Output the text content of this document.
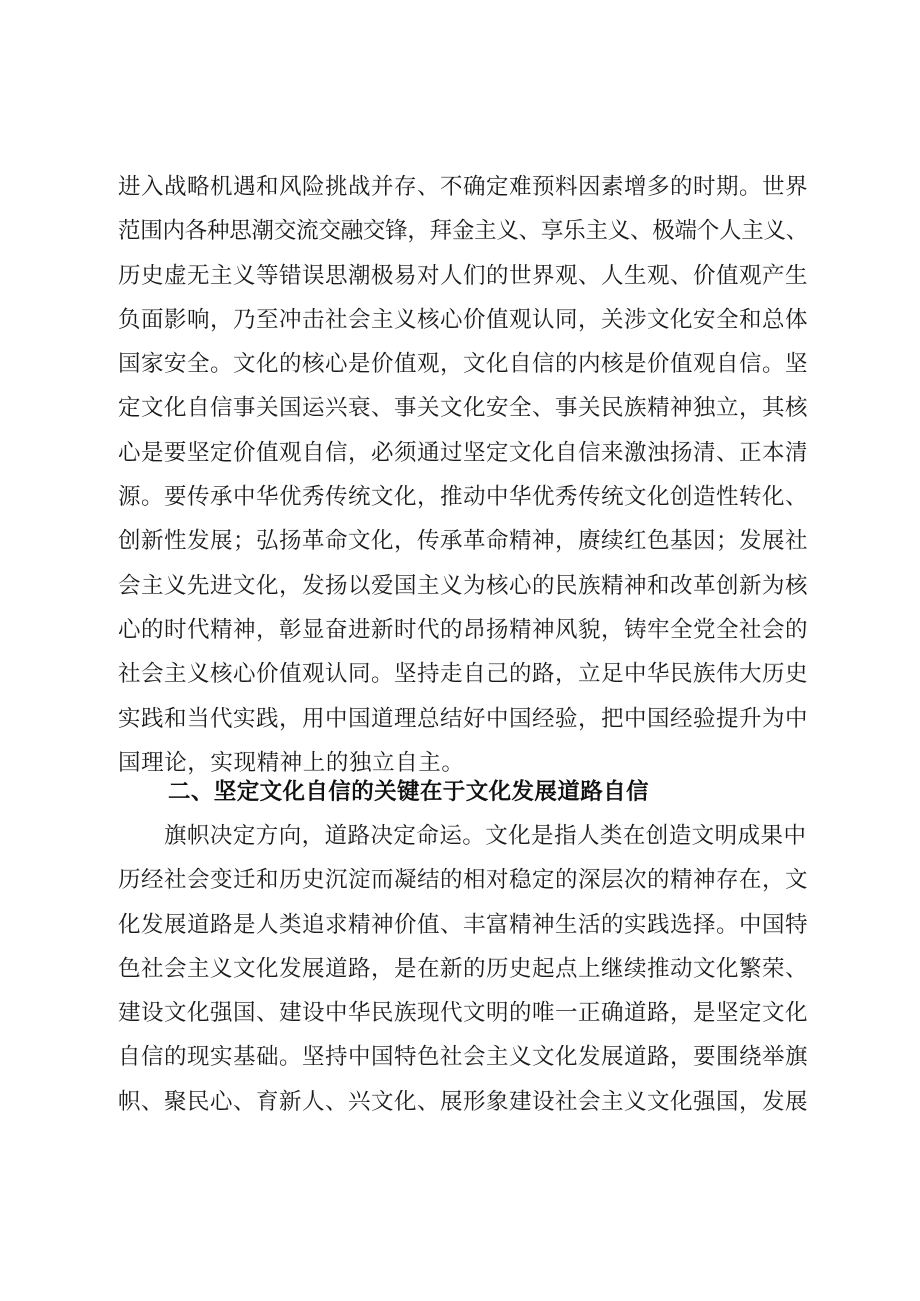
进入战略机遇和风险挑战并存、不确定难预料因素增多的时期。世界
范围内各种思潮交流交融交锋，拜金主义、享乐主义、极端个人主义、
历史虚无主义等错误思潮极易对人们的世界观、人生观、价值观产生
负面影响，乃至冲击社会主义核心价值观认同，关涉文化安全和总体
国家安全。文化的核心是价值观，文化自信的内核是价值观自信。坚
定文化自信事关国运兴衰、事关文化安全、事关民族精神独立，其核
心是要坚定价值观自信，必须通过坚定文化自信来激浊扬清、正本清
源。要传承中华优秀传统文化，推动中华优秀传统文化创造性转化、
创新性发展；弘扬革命文化，传承革命精神，赓续红色基因；发展社
会主义先进文化，发扬以爱国主义为核心的民族精神和改革创新为核
心的时代精神，彰显奋进新时代的昂扬精神风貌，铸牢全党全社会的
社会主义核心价值观认同。坚持走自己的路，立足中华民族伟大历史
实践和当代实践，用中国道理总结好中国经验，把中国经验提升为中
国理论，实现精神上的独立自主。
二、坚定文化自信的关键在于文化发展道路自信
旗帜决定方向，道路决定命运。文化是指人类在创造文明成果中
历经社会变迁和历史沉淀而凝结的相对稳定的深层次的精神存在，文
化发展道路是人类追求精神价值、丰富精神生活的实践选择。中国特
色社会主义文化发展道路，是在新的历史起点上继续推动文化繁荣、
建设文化强国、建设中华民族现代文明的唯一正确道路，是坚定文化
自信的现实基础。坚持中国特色社会主义文化发展道路，要围绕举旗
帜、聚民心、育新人、兴文化、展形象建设社会主义文化强国，发展
